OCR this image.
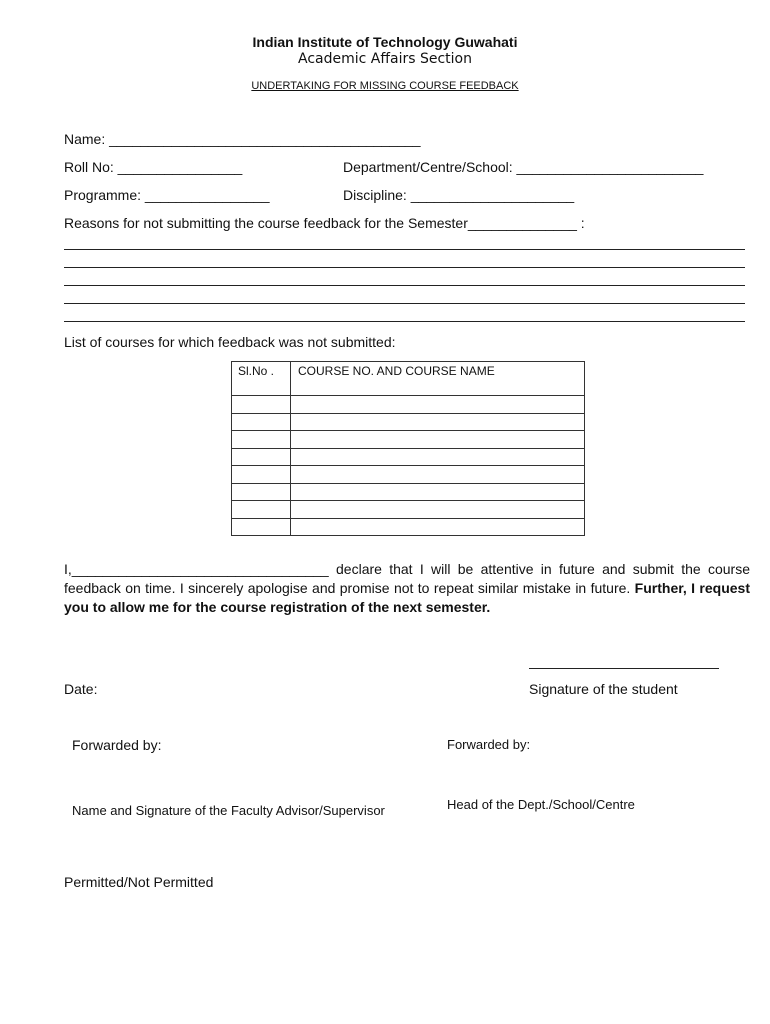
Indian Institute of Technology Guwahati
Academic Affairs Section
UNDERTAKING FOR MISSING COURSE FEEDBACK
Name: ________________________________________
Roll No: ________________	Department/Centre/School: ________________________
Programme: ________________	Discipline: _____________________
Reasons for not submitting the course feedback for the Semester______________ :
List of courses for which feedback was not submitted:
Sl.No .	COURSE NO. AND COURSE NAME

I,_________________________________ declare that I will be attentive in future and submit the course feedback on time. I sincerely apologise and promise not to repeat similar mistake in future. Further, I request you to allow me for the course registration of the next semester.
Date:	Signature of the student
Forwarded by:	Forwarded by:
Name and Signature of the Faculty Advisor/Supervisor	Head of the Dept./School/Centre
Permitted/Not Permitted
